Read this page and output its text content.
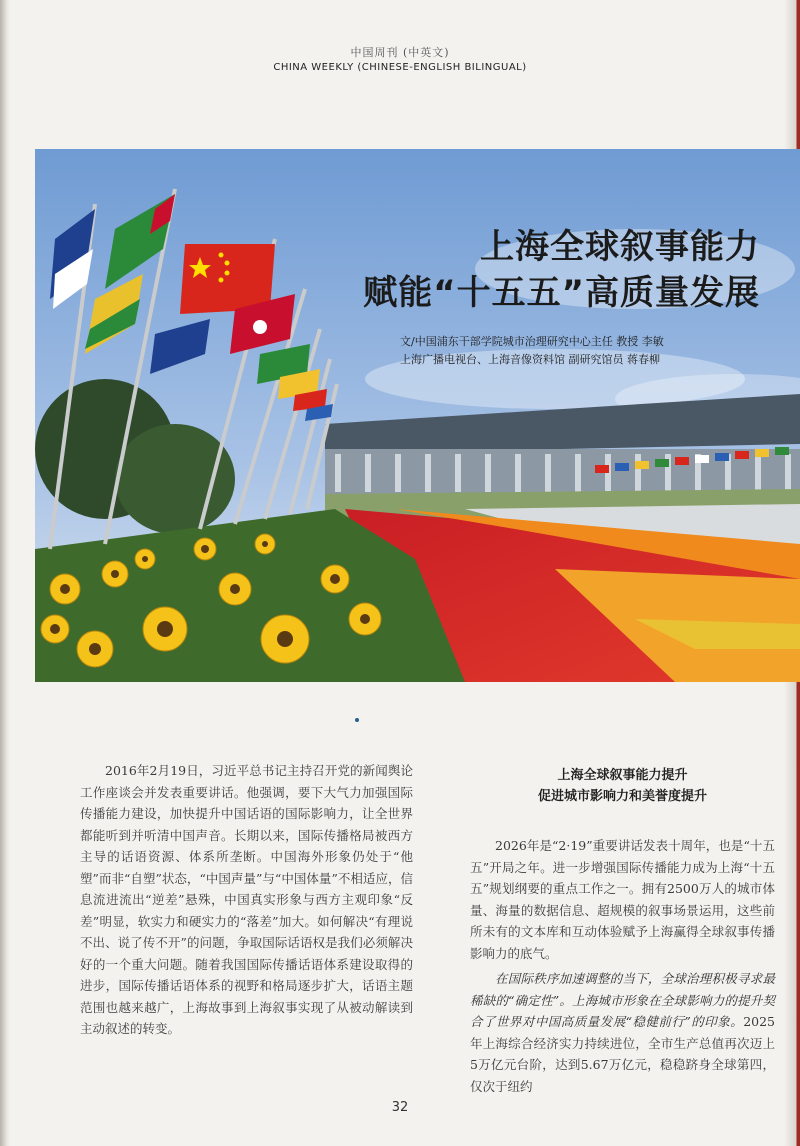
中国周刊 (中英文)
CHINA WEEKLY (CHINESE-ENGLISH BILINGUAL)
上海全球叙事能力
赋能“十五五”高质量发展
文/中国浦东干部学院城市治理研究中心主任 教授 李敏
上海广播电视台、上海音像资料馆 副研究馆员 蒋春柳

2016年2月19日，习近平总书记主持召开党的新闻舆论工作座谈会并发表重要讲话。他强调，要下大气力加强国际传播能力建设，加快提升中国话语的国际影响力，让全世界都能听到并听清中国声音。长期以来，国际传播格局被西方主导的话语资源、体系所垄断。中国海外形象仍处于“他塑”而非“自塑”状态，“中国声量”与“中国体量”不相适应，信息流进流出“逆差”悬殊，中国真实形象与西方主观印象“反差”明显，软实力和硬实力的“落差”加大。如何解决“有理说不出、说了传不开”的问题，争取国际话语权是我们必须解决好的一个重大问题。随着我国国际传播话语体系建设取得的进步，国际传播话语体系的视野和格局逐步扩大，话语主题范围也越来越广，上海故事到上海叙事实现了从被动解读到主动叙述的转变。

上海全球叙事能力提升
促进城市影响力和美誉度提升

2026年是“2·19”重要讲话发表十周年，也是“十五五”开局之年。进一步增强国际传播能力成为上海“十五五”规划纲要的重点工作之一。拥有2500万人的城市体量、海量的数据信息、超规模的叙事场景运用，这些前所未有的文本库和互动体验赋予上海赢得全球叙事传播影响力的底气。

在国际秩序加速调整的当下，全球治理积极寻求最稀缺的“确定性”。上海城市形象在全球影响力的提升契合了世界对中国高质量发展“稳健前行”的印象。2025年上海综合经济实力持续进位，全市生产总值再次迈上5万亿元台阶，达到5.67万亿元，稳稳跻身全球第四，仅次于纽约

32
